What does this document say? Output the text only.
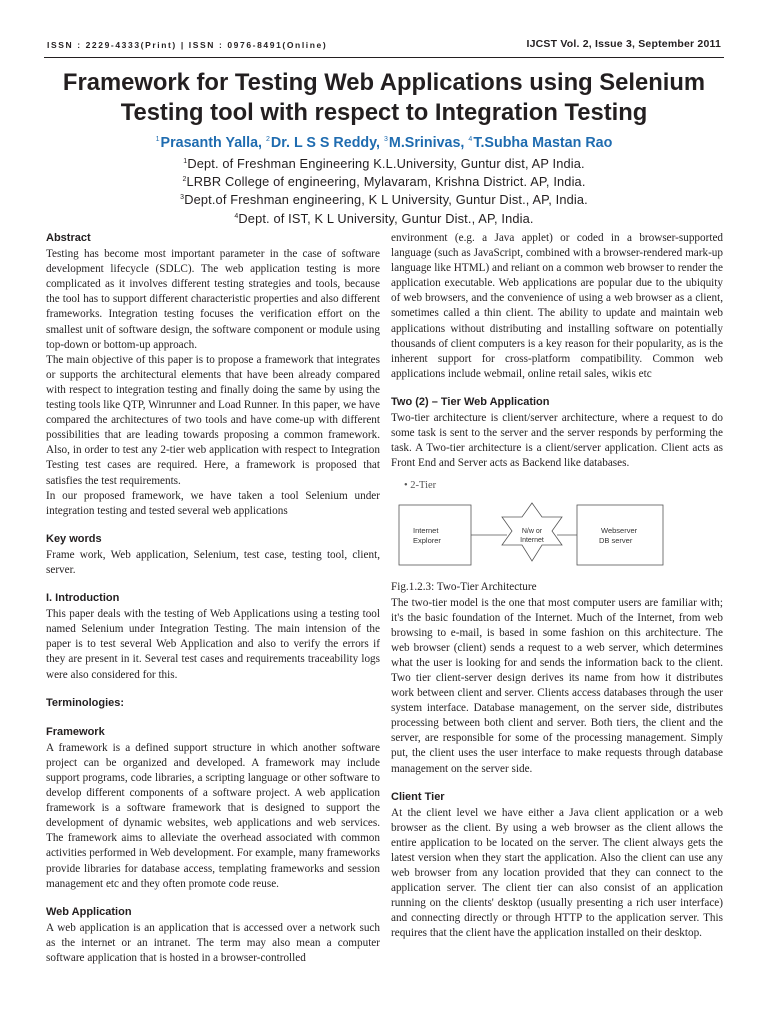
ISSN : 2229-4333(Print) | ISSN : 0976-8491(Online)	IJCST Vol. 2, Issue 3, September 2011
Framework for Testing Web Applications using Selenium
Testing tool with respect to Integration Testing
$^1$Prasanth Yalla, $^2$Dr. L S S Reddy, $^3$M.Srinivas, $^4$T.Subha Mastan Rao
$^1$Dept. of Freshman Engineering K.L.University, Guntur dist, AP India.
$^2$LRBR College of engineering, Mylavaram, Krishna District. AP, India.
$^3$Dept.of Freshman engineering, K L University, Guntur Dist., AP, India.
$^4$Dept. of IST, K L University, Guntur Dist., AP, India.
Abstract

Testing has become most important parameter in the case of software development lifecycle (SDLC). The web application testing is more complicated as it involves different testing strategies and tools, because the tool has to support different characteristic properties and also different frameworks. Integration testing focuses the verification effort on the smallest unit of software design, the software component or module using top-down or bottom-up approach.

The main objective of this paper is to propose a framework that integrates or supports the architectural elements that have been already compared with respect to integration testing and finally doing the same by using the testing tools like QTP, Winrunner and Load Runner. In this paper, we have compared the architectures of two tools and have come-up with different possibilities that are leading towards proposing a common framework. Also, in order to test any 2-tier web application with respect to Integration Testing test cases are required. Here, a framework is proposed that satisfies the test requirements.

In our proposed framework, we have taken a tool Selenium under integration testing and tested several web applications

Key words

Frame work, Web application, Selenium, test case, testing tool, client, server.

I. Introduction

This paper deals with the testing of Web Applications using a testing tool named Selenium under Integration Testing. The main intension of the paper is to test several Web Application and also to verify the errors if they are present in it. Several test cases and requirements traceability logs were also considered for this.

Terminologies:
Framework

A framework is a defined support structure in which another software project can be organized and developed. A framework may include support programs, code libraries, a scripting language or other software to develop different components of a software project. A web application framework is a software framework that is designed to support the development of dynamic websites, web applications and web services. The framework aims to alleviate the overhead associated with common activities performed in Web development. For example, many frameworks provide libraries for database access, templating frameworks and session management etc and they often promote code reuse.

Web Application

A web application is an application that is accessed over a network such as the internet or an intranet. The term may also mean a computer software application that is hosted in a browser-controlled

environment (e.g. a Java applet) or coded in a browser-supported language (such as JavaScript, combined with a browser-rendered mark-up language like HTML) and reliant on a common web browser to render the application executable. Web applications are popular due to the ubiquity of web browsers, and the convenience of using a web browser as a client, sometimes called a thin client. The ability to update and maintain web applications without distributing and installing software on potentially thousands of client computers is a key reason for their popularity, as is the inherent support for cross-platform compatibility. Common web applications include webmail, online retail sales, wikis etc

Two (2) – Tier Web Application

Two-tier architecture is client/server architecture, where a request to do some task is sent to the server and the server responds by performing the task. A Two-tier architecture is a client/server application. Client acts as Front End and Server acts as Backend like databases.

• 2-Tier
Internet
Explorer
N/w or
Internet
Webserver
DB server

Fig.1.2.3: Two-Tier Architecture

The two-tier model is the one that most computer users are familiar with; it's the basic foundation of the Internet. Much of the Internet, from web browsing to e-mail, is based in some fashion on this architecture. The web browser (client) sends a request to a web server, which determines what the user is looking for and sends the information back to the client. Two tier client-server design derives its name from how it distributes work between client and server. Clients access databases through the user system interface. Database management, on the server side, distributes processing between both client and server. Both tiers, the client and the server, are responsible for some of the processing management. Simply put, the client uses the user interface to make requests through database management on the server side.

Client Tier

At the client level we have either a Java client application or a web browser as the client. By using a web browser as the client allows the entire application to be located on the server. The client always gets the latest version when they start the application. Also the client can use any web browser from any location provided that they can connect to the application server. The client tier can also consist of an application running on the clients' desktop (usually presenting a rich user interface) and connecting directly or through HTTP to the application server. This requires that the client have the application installed on their desktop.
